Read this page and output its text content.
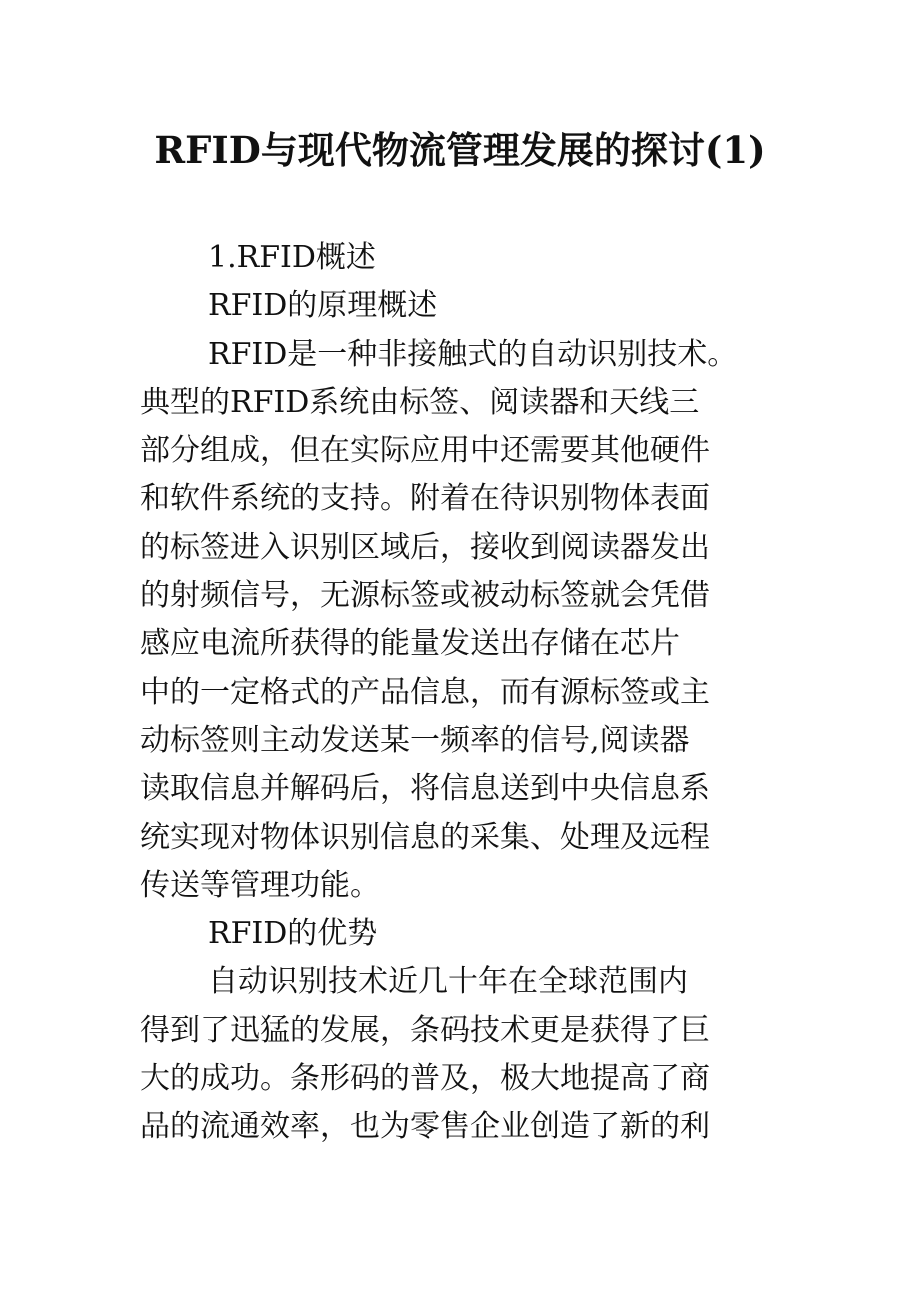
RFID与现代物流管理发展的探讨(1)
1.RFID概述
RFID的原理概述
RFID是一种非接触式的自动识别技术。
典型的RFID系统由标签、阅读器和天线三
部分组成，但在实际应用中还需要其他硬件
和软件系统的支持。附着在待识别物体表面
的标签进入识别区域后，接收到阅读器发出
的射频信号，无源标签或被动标签就会凭借
感应电流所获得的能量发送出存储在芯片
中的一定格式的产品信息，而有源标签或主
动标签则主动发送某一频率的信号,阅读器
读取信息并解码后，将信息送到中央信息系
统实现对物体识别信息的采集、处理及远程
传送等管理功能。
RFID的优势
自动识别技术近几十年在全球范围内
得到了迅猛的发展，条码技术更是获得了巨
大的成功。条形码的普及，极大地提高了商
品的流通效率，也为零售企业创造了新的利
